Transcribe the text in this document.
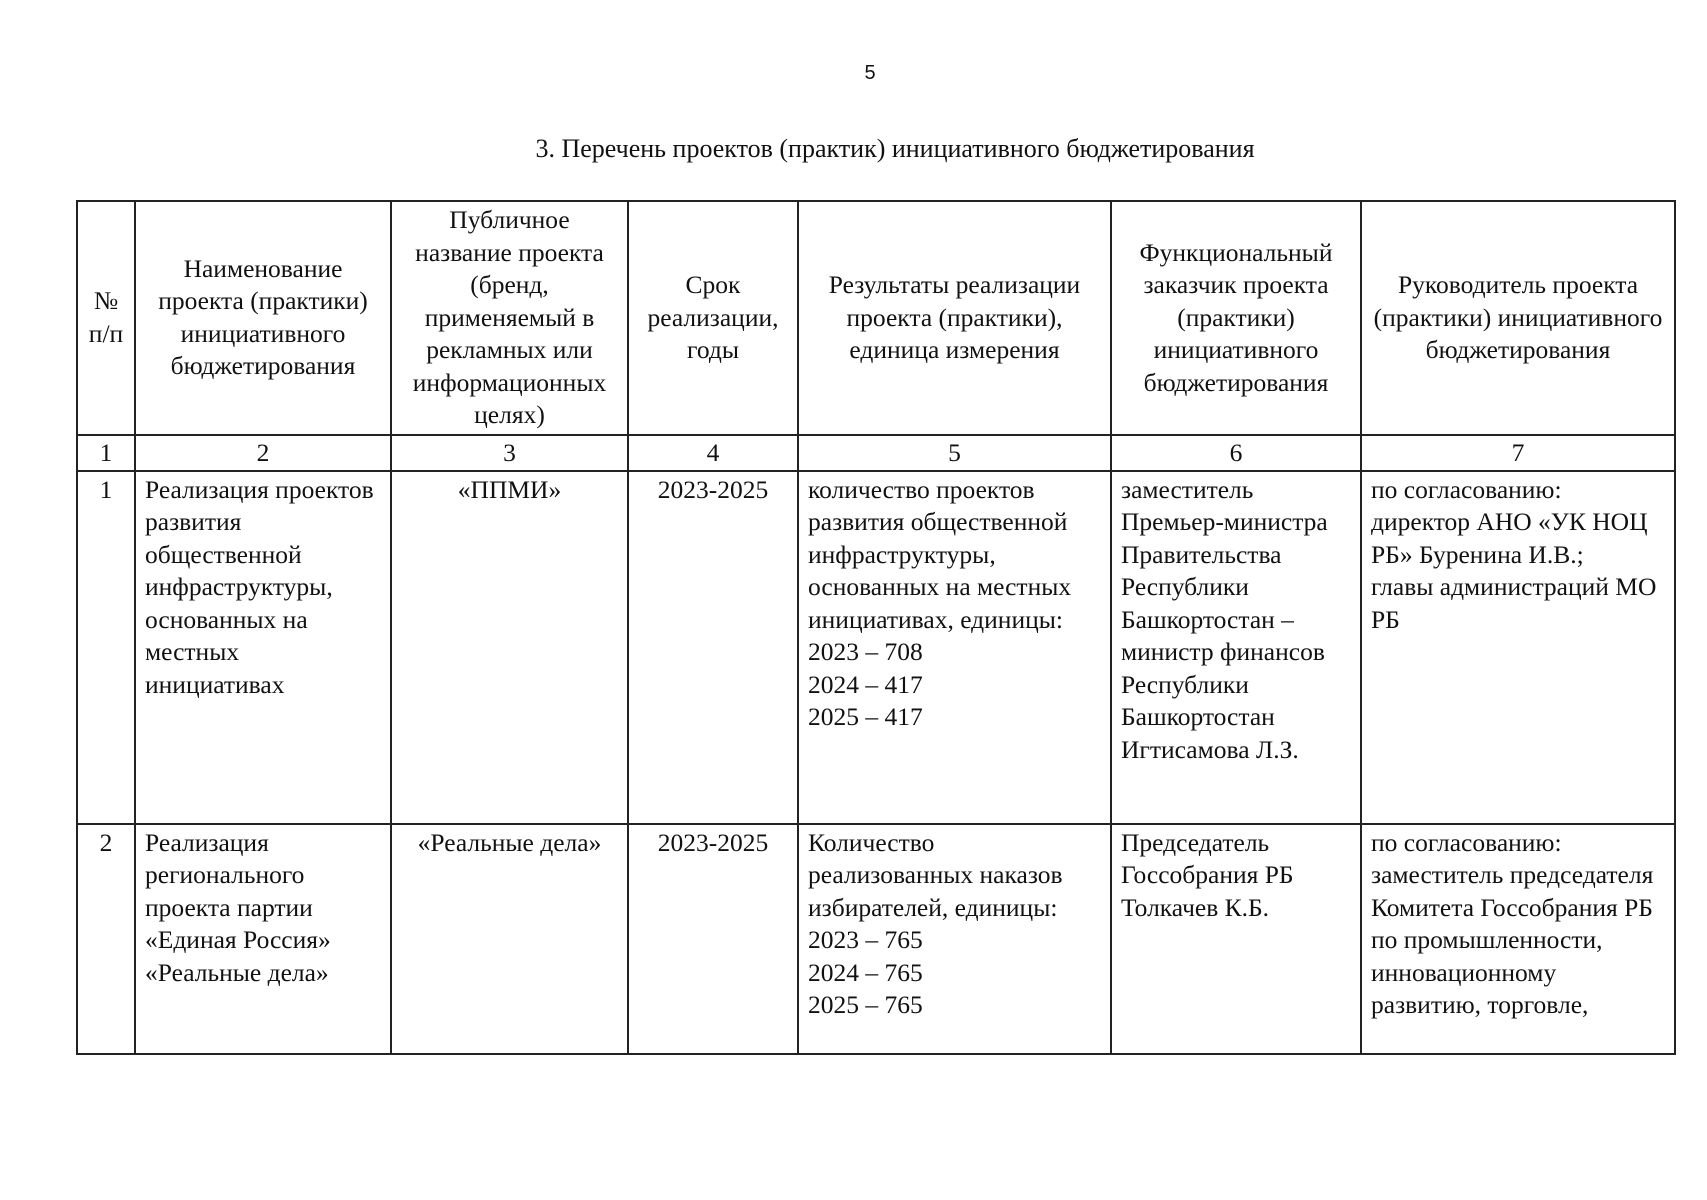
5
3. Перечень проектов (практик) инициативного бюджетирования
№ п/п	Наименование проекта (практики) инициативного бюджетирования	Публичное название проекта (бренд, применяемый в рекламных или информационных целях)	Срок реализации, годы	Результаты реализации проекта (практики), единица измерения	Функциональный заказчик проекта (практики) инициативного бюджетирования	Руководитель проекта (практики) инициативного бюджетирования
1	2	3	4	5	6	7
1	Реализация проектов развития общественной инфраструктуры, основанных на местных инициативах	«ППМИ»	2023-2025	количество проектов развития общественной инфраструктуры, основанных на местных инициативах, единицы:
2023 – 708
2024 – 417
2025 – 417	заместитель Премьер-министра Правительства Республики Башкортостан – министр финансов Республики Башкортостан Игтисамова Л.З.	по согласованию:
директор АНО «УК НОЦ РБ» Буренина И.В.;
главы администраций МО РБ

2	Реализация регионального проекта партии «Единая Россия» «Реальные дела»	«Реальные дела»	2023-2025	Количество реализованных наказов избирателей, единицы:
2023 – 765
2024 – 765
2025 – 765	Председатель Госсобрания РБ Толкачев К.Б.	по согласованию:
заместитель председателя Комитета Госсобрания РБ
по промышленности, инновационному развитию, торговле,
